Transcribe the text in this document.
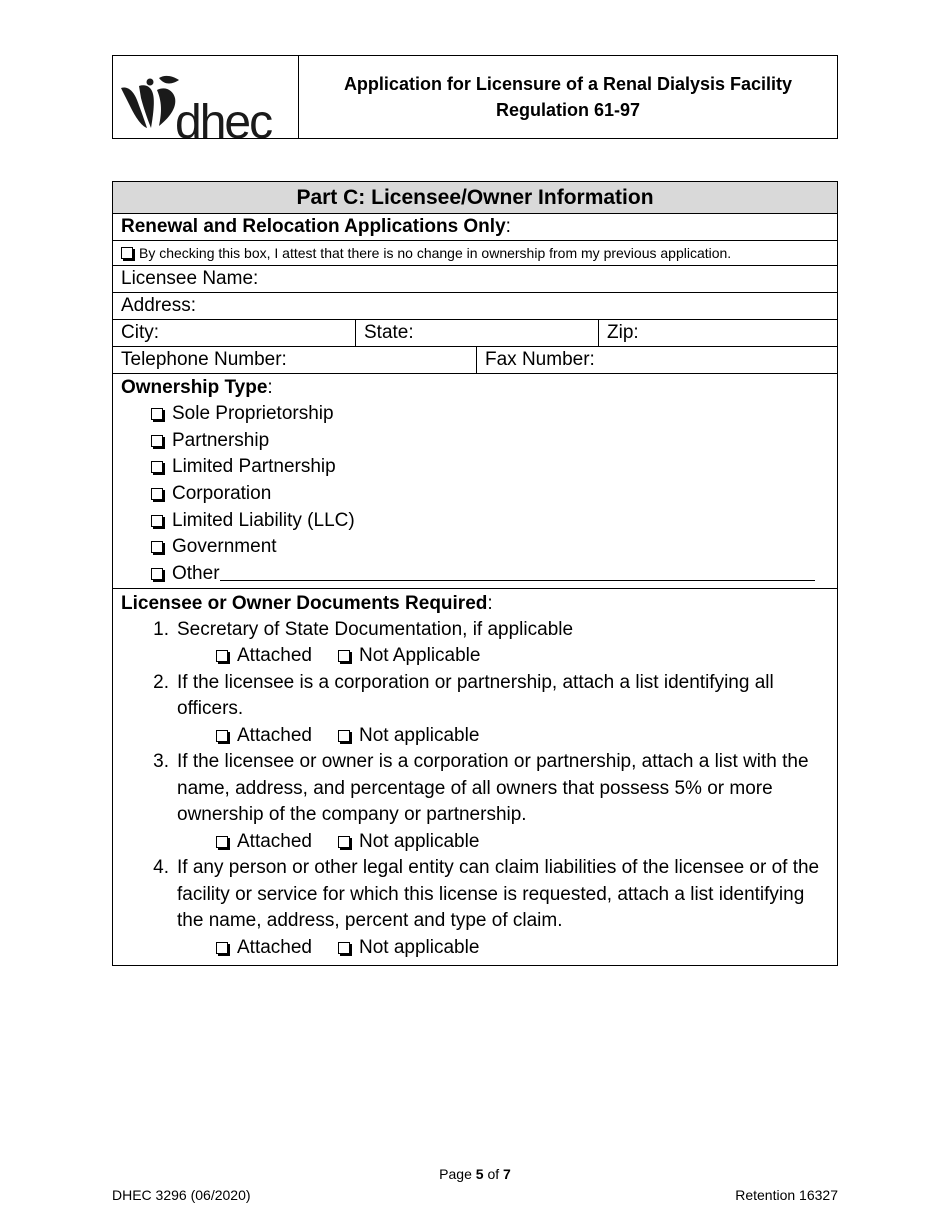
dhec
Application for Licensure of a Renal Dialysis Facility
Regulation 61-97
Part C: Licensee/Owner Information
Renewal and Relocation Applications Only:
By checking this box, I attest that there is no change in ownership from my previous application.
Licensee Name:
Address:
City:	State:	Zip:
Telephone Number:	Fax Number:
Ownership Type:
Sole Proprietorship
Partnership
Limited Partnership
Corporation
Limited Liability (LLC)
Government
Other
Licensee or Owner Documents Required:
1. Secretary of State Documentation, if applicable
Attached Not Applicable
2. If the licensee is a corporation or partnership, attach a list identifying all officers.
Attached Not applicable
3. If the licensee or owner is a corporation or partnership, attach a list with the name, address, and percentage of all owners that possess 5% or more ownership of the company or partnership.
Attached Not applicable
4. If any person or other legal entity can claim liabilities of the licensee or of the facility or service for which this license is requested, attach a list identifying the name, address, percent and type of claim.
Attached Not applicable
Page 5 of 7
DHEC 3296 (06/2020)	Retention 16327
